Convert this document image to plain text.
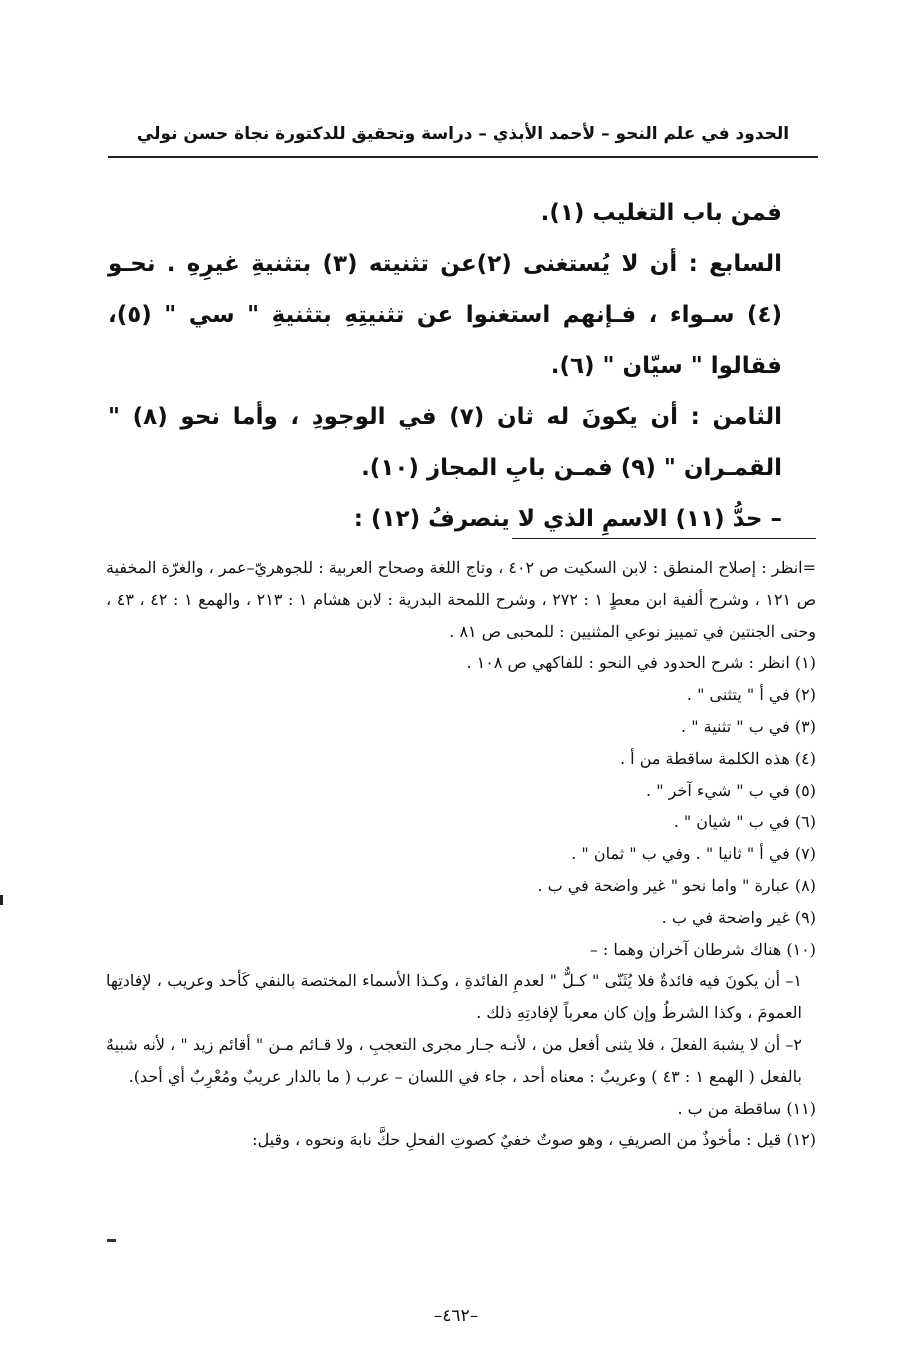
الحدود في علم النحو – لأحمد الأبذي – دراسة وتحقيق للدكتورة نجاة حسن نولي

فمن باب التغليب (١).

السابع : أن لا يُستغنى (٢)عن تثنيته (٣) بتثنيةِ غيرِهِ . نحـو (٤) سـواء ، فـإنهم استغنوا عن تثنيتِهِ بتثنيةِ " سي " (٥)، فقالوا " سيّان " (٦).

الثامن : أن يكونَ له ثان (٧) في الوجودِ ، وأما نحو (٨) " القمـران " (٩) فمـن بابِ المجاز (١٠).

– حدُّ (١١) الاسمِ الذي لا ينصرفُ (١٢) :

=انظر : إصلاح المنطق : لابن السكيت ص ٤٠٢ ، وتاج اللغة وصحاح العربية : للجوهريّ–عمر ، والغرّة المخفية ص ١٢١ ، وشرح ألفية ابن معطٍ ١ : ٢٧٢ ، وشرح اللمحة البدرية : لابن هشام ١ : ٢١٣ ، والهمع ١ : ٤٢ ، ٤٣ ، وحنى الجنتين في تمييز نوعي المثنيين : للمحبى ص ٨١ .

(١) انظر : شرح الحدود في النحو : للفاكهي ص ١٠٨ .

(٢) في أ " يتثنى " .

(٣) في ب " تثنية " .

(٤) هذه الكلمة ساقطة من أ .

(٥) في ب " شيء آخر " .

(٦) في ب " شيان " .

(٧) في أ " ثانيا " . وفي ب " ثمان " .

(٨) عبارة " واما نحو " غير واضحة في ب .

(٩) غير واضحة في ب .

(١٠) هناك شرطان آخران وهما : –

١– أن يكونَ فيه فائدةٌ فلا يُثَنّى " كـلٌّ " لعدمِ الفائدةِ ، وكـذا الأسماء المختصة بالنفي كَأحد وعريب ، لإفادتِها العمومَ ، وكذا الشرطُ وإن كان معرباً لإفادتِهِ ذلك .

٢– أن لا يشبهَ الفعلَ ، فلا يثنى أفعل من ، لأنـه جـار مجرى التعجبِ ، ولا قـائم مـن " أقائم زيد " ، لأنه شبيهٌ بالفعل ( الهمع ١ : ٤٣ ) وعريبٌ : معناه أحد ، جاء في اللسان – عرب ( ما بالدار عريبٌ ومُعْرِبٌ أي أحد).

(١١) ساقطة من ب .

(١٢) قيل : مأخوذٌ من الصريفِ ، وهو صوتٌ خفيٌ كصوتِ الفحلِ حكَّ نابهَ ونحوه ، وقيل:

–٤٦٢–
